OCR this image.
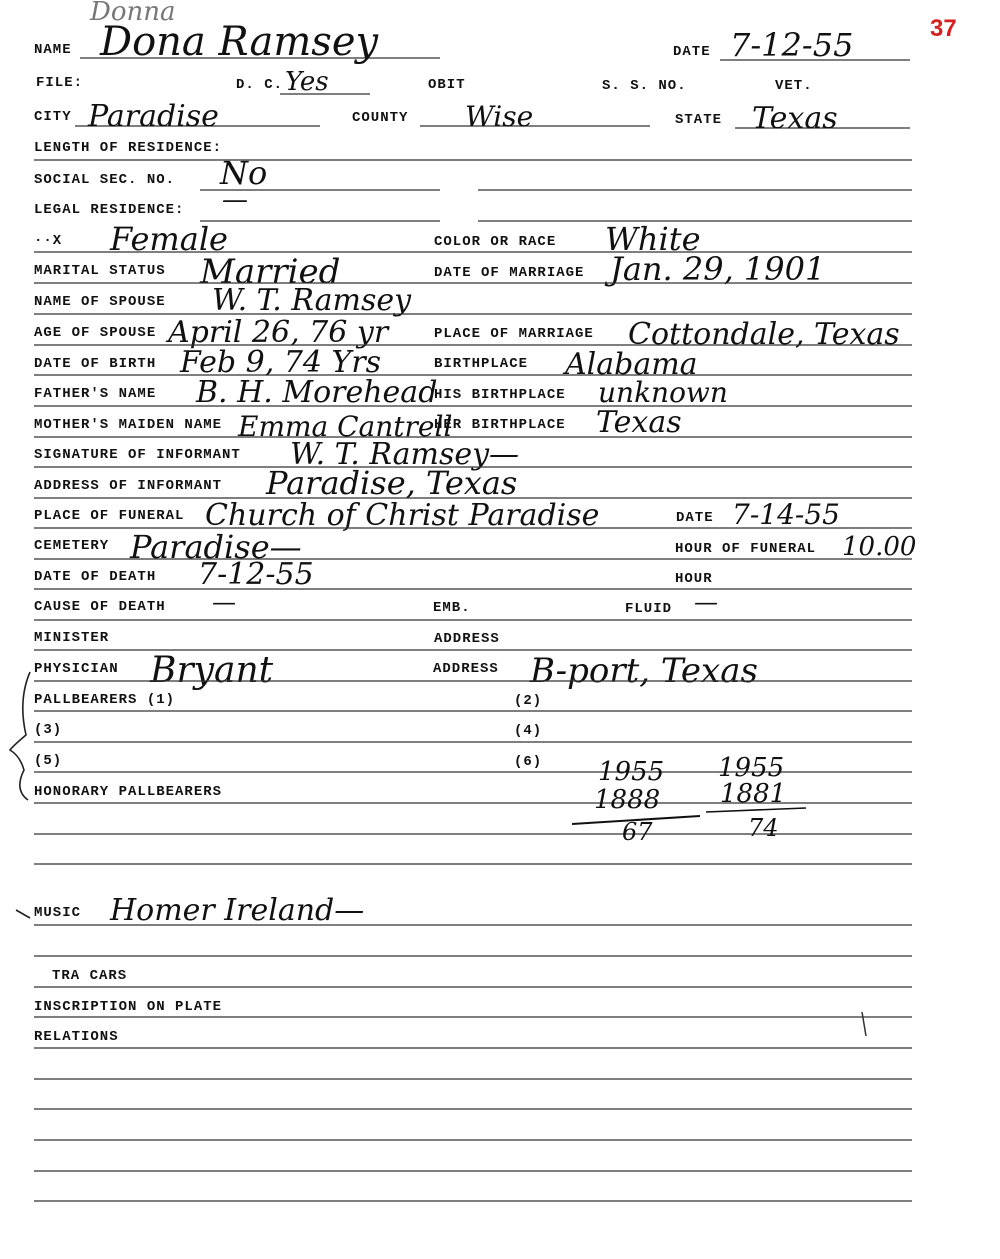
37
NAME	DATE
Donna
Dona Ramsey	7-12-55
FILE:	D. C. Yes	OBIT	S. S. NO.	VET.
CITY Paradise	COUNTY Wise	STATE Texas
LENGTH OF RESIDENCE:
SOCIAL SEC. NO. No
LEGAL RESIDENCE: —
··X Female	COLOR OR RACE White
MARITAL STATUS Married	DATE OF MARRIAGE Jan. 29, 1901
NAME OF SPOUSE W. T. Ramsey
AGE OF SPOUSE April 26, 76 yr	PLACE OF MARRIAGE Cottondale, Texas
DATE OF BIRTH Feb 9, 74 Yrs	BIRTHPLACE Alabama
FATHER'S NAME B. H. Morehead
HIS BIRTHPLACE unknown
MOTHER'S MAIDEN NAME Emma Cantrell
HER BIRTHPLACE Texas
SIGNATURE OF INFORMANT W. T. Ramsey—
ADDRESS OF INFORMANT Paradise, Texas
PLACE OF FUNERAL Church of Christ Paradise	DATE 7-14-55
CEMETERY Paradise—	HOUR OF FUNERAL 10.00
DATE OF DEATH 7-12-55	HOUR
CAUSE OF DEATH —	EMB.	FLUID —
MINISTER	ADDRESS
PHYSICIAN Bryant	ADDRESS B-port, Texas
PALLBEARERS (1)	(2)
(3)	(4)
(5)	(6)
HONORARY PALLBEARERS
1955
1888
67
1955
1881
74
MUSIC Homer Ireland—
TRA CARS
INSCRIPTION ON PLATE
RELATIONS
